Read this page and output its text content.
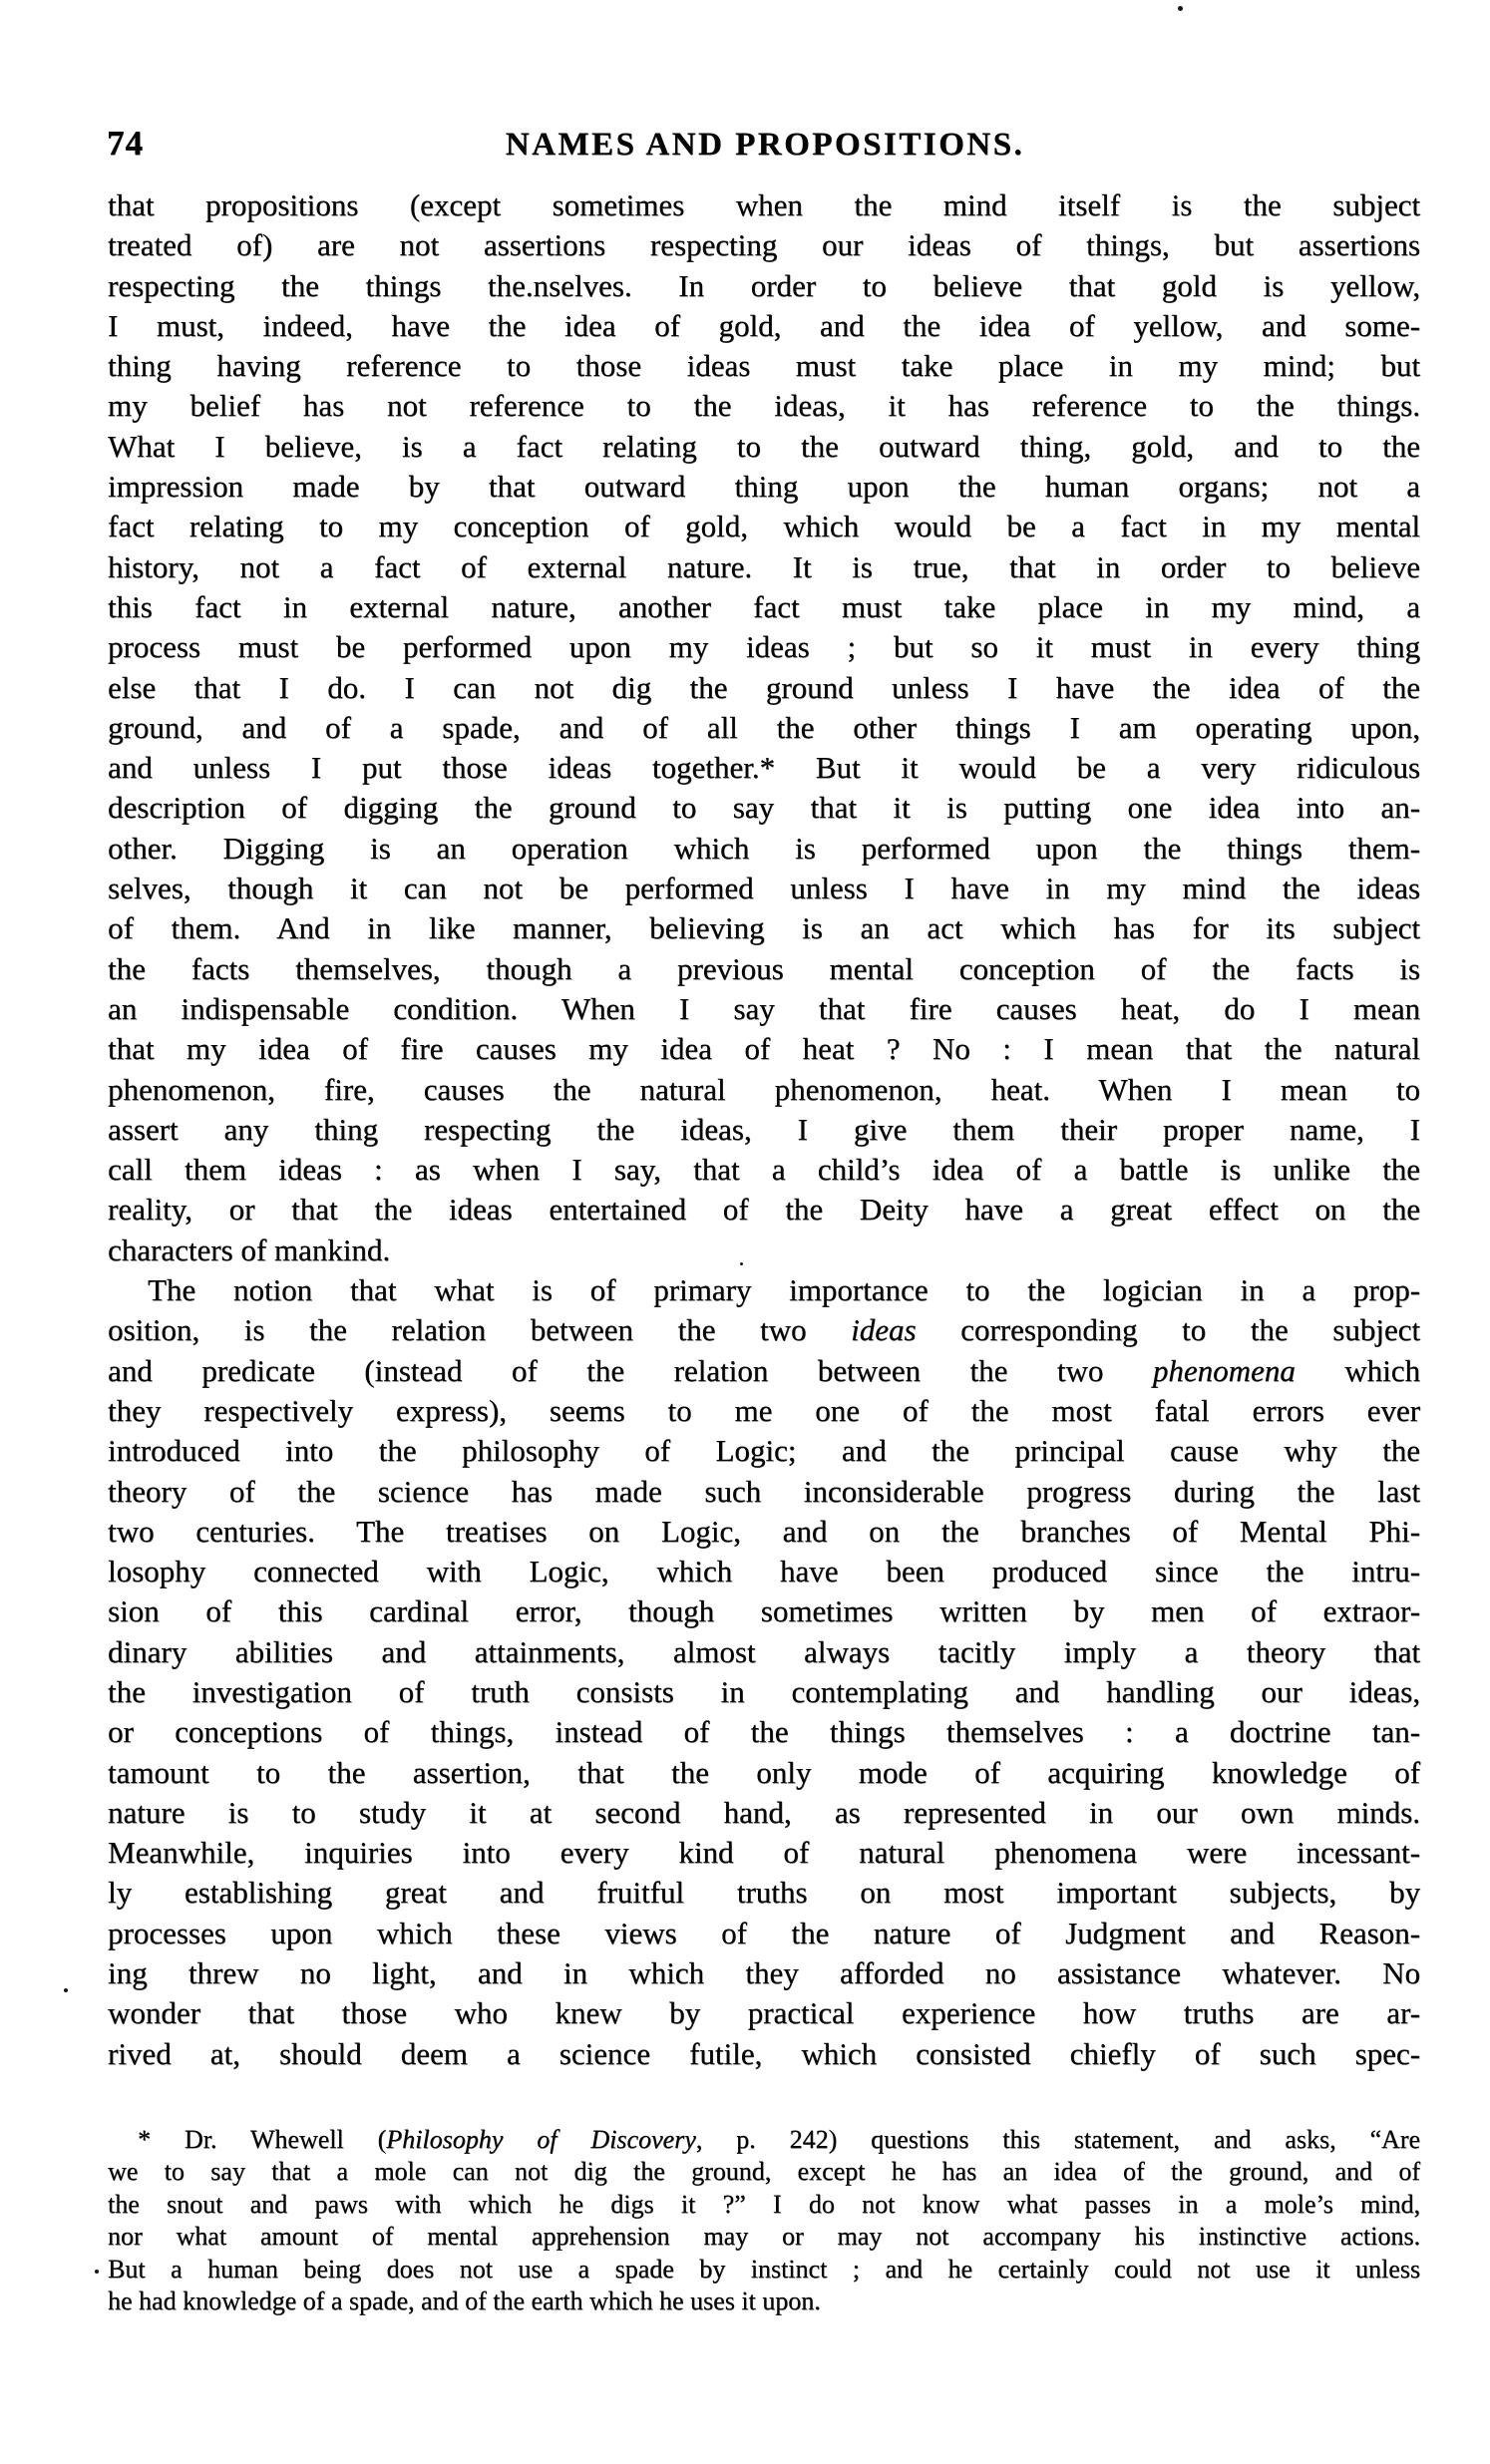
74	NAMES AND PROPOSITIONS.
that propositions (except sometimes when the mind itself is the subject
treated of) are not assertions respecting our ideas of things, but assertions
respecting the things the.nselves. In order to believe that gold is yellow,
I must, indeed, have the idea of gold, and the idea of yellow, and some-
thing having reference to those ideas must take place in my mind; but
my belief has not reference to the ideas, it has reference to the things.
What I believe, is a fact relating to the outward thing, gold, and to the
impression made by that outward thing upon the human organs; not a
fact relating to my conception of gold, which would be a fact in my mental
history, not a fact of external nature. It is true, that in order to believe
this fact in external nature, another fact must take place in my mind, a
process must be performed upon my ideas ; but so it must in every thing
else that I do. I can not dig the ground unless I have the idea of the
ground, and of a spade, and of all the other things I am operating upon,
and unless I put those ideas together.* But it would be a very ridiculous
description of digging the ground to say that it is putting one idea into an-
other. Digging is an operation which is performed upon the things them-
selves, though it can not be performed unless I have in my mind the ideas
of them. And in like manner, believing is an act which has for its subject
the facts themselves, though a previous mental conception of the facts is
an indispensable condition. When I say that fire causes heat, do I mean
that my idea of fire causes my idea of heat ? No : I mean that the natural
phenomenon, fire, causes the natural phenomenon, heat. When I mean to
assert any thing respecting the ideas, I give them their proper name, I
call them ideas : as when I say, that a child’s idea of a battle is unlike the
reality, or that the ideas entertained of the Deity have a great effect on the
characters of mankind.
The notion that what is of primary importance to the logician in a prop-
osition, is the relation between the two ideas corresponding to the subject
and predicate (instead of the relation between the two phenomena which
they respectively express), seems to me one of the most fatal errors ever
introduced into the philosophy of Logic; and the principal cause why the
theory of the science has made such inconsiderable progress during the last
two centuries. The treatises on Logic, and on the branches of Mental Phi-
losophy connected with Logic, which have been produced since the intru-
sion of this cardinal error, though sometimes written by men of extraor-
dinary abilities and attainments, almost always tacitly imply a theory that
the investigation of truth consists in contemplating and handling our ideas,
or conceptions of things, instead of the things themselves : a doctrine tan-
tamount to the assertion, that the only mode of acquiring knowledge of
nature is to study it at second hand, as represented in our own minds.
Meanwhile, inquiries into every kind of natural phenomena were incessant-
ly establishing great and fruitful truths on most important subjects, by
processes upon which these views of the nature of Judgment and Reason-
ing threw no light, and in which they afforded no assistance whatever. No
wonder that those who knew by practical experience how truths are ar-
rived at, should deem a science futile, which consisted chiefly of such spec-
* Dr. Whewell (Philosophy of Discovery, p. 242) questions this statement, and asks, “Are
we to say that a mole can not dig the ground, except he has an idea of the ground, and of
the snout and paws with which he digs it ?” I do not know what passes in a mole’s mind,
nor what amount of mental apprehension may or may not accompany his instinctive actions.
But a human being does not use a spade by instinct ; and he certainly could not use it unless
he had knowledge of a spade, and of the earth which he uses it upon.
